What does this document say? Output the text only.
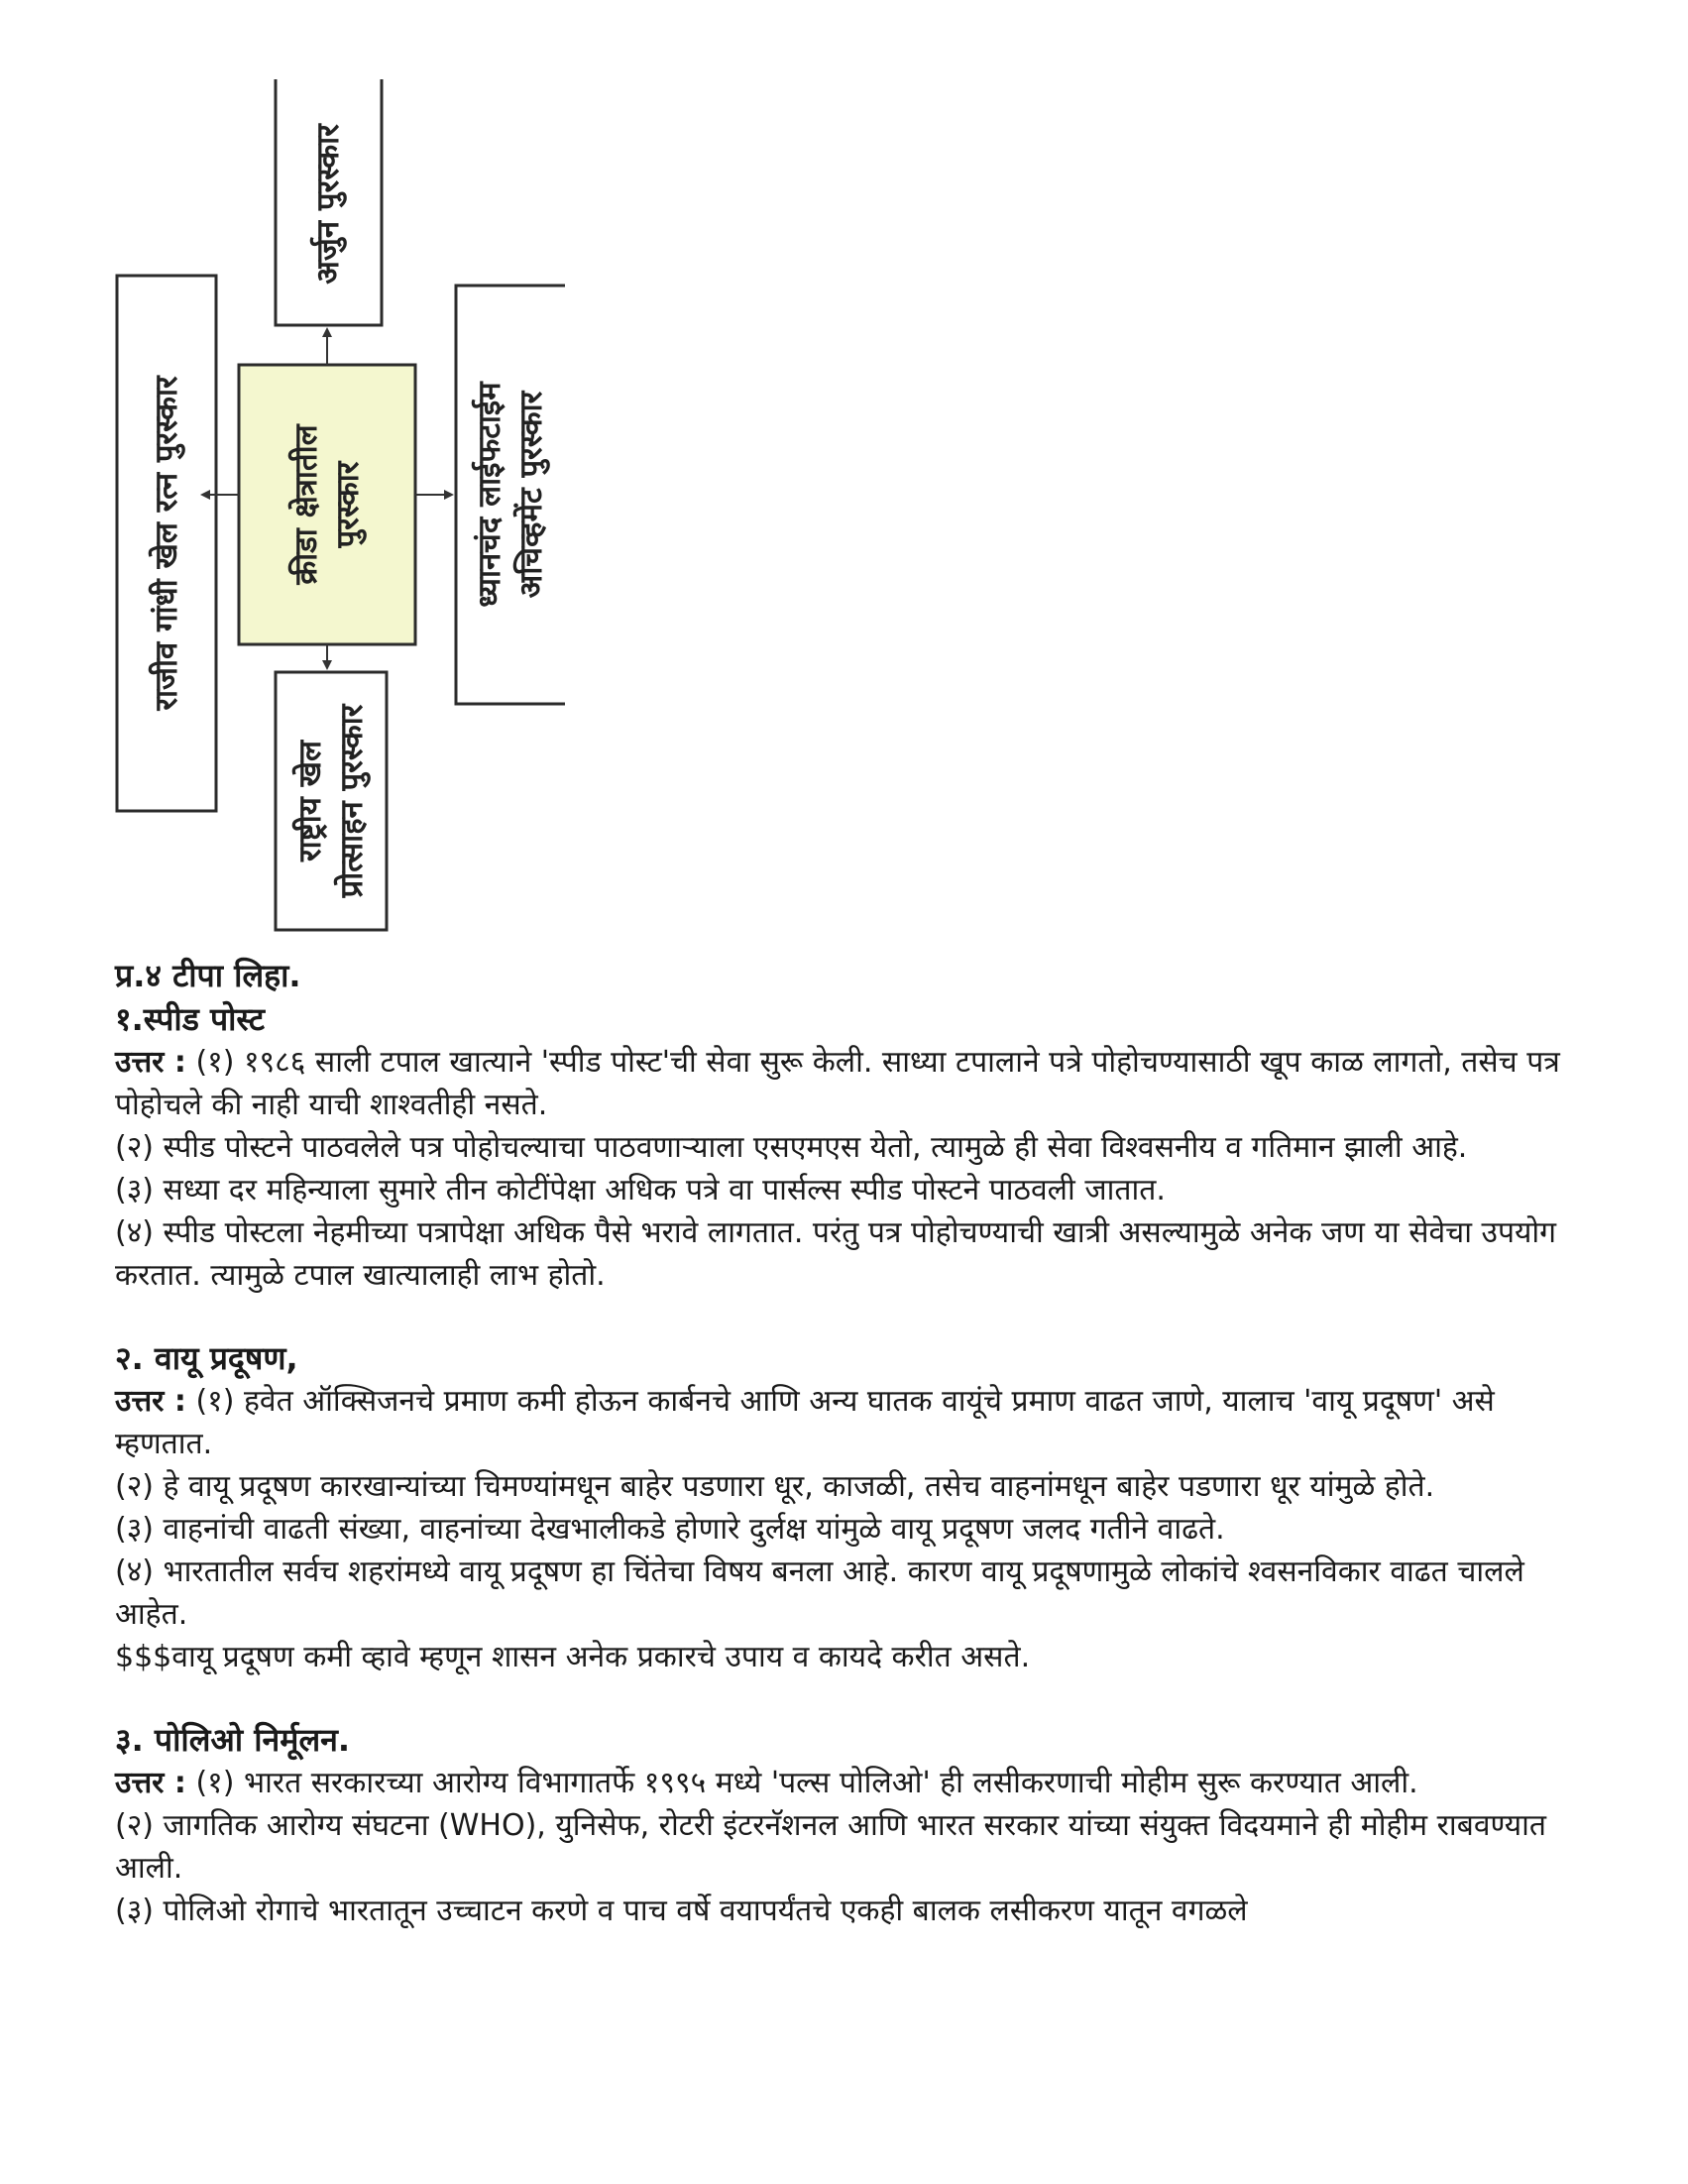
क्रीडा क्षेत्रातील
पुरस्कार
अर्जुन पुरस्कार
राजीव गांधी खेल रत्न पुरस्कार	ध्यानचंद लाईफटाईम
अचिव्हमेंट पुरस्कार
राष्ट्रीय खेल
प्रोत्साहन पुरस्कार
प्र.४ टीपा लिहा.
१.स्पीड पोस्ट

उत्तर : (१) १९८६ साली टपाल खात्याने 'स्पीड पोस्ट'ची सेवा सुरू केली. साध्या टपालाने पत्रे पोहोचण्यासाठी खूप काळ लागतो, तसेच पत्र पोहोचले की नाही याची शाश्वतीही नसते.

(२) स्पीड पोस्टने पाठवलेले पत्र पोहोचल्याचा पाठवणाऱ्याला एसएमएस येतो, त्यामुळे ही सेवा विश्वसनीय व गतिमान झाली आहे.

(३) सध्या दर महिन्याला सुमारे तीन कोटींपेक्षा अधिक पत्रे वा पार्सल्स स्पीड पोस्टने पाठवली जातात.

(४) स्पीड पोस्टला नेहमीच्या पत्रापेक्षा अधिक पैसे भरावे लागतात. परंतु पत्र पोहोचण्याची खात्री असल्यामुळे अनेक जण या सेवेचा उपयोग करतात. त्यामुळे टपाल खात्यालाही लाभ होतो.

२. वायू प्रदूषण,

उत्तर : (१) हवेत ऑक्सिजनचे प्रमाण कमी होऊन कार्बनचे आणि अन्य घातक वायूंचे प्रमाण वाढत जाणे, यालाच 'वायू प्रदूषण' असे म्हणतात.

(२) हे वायू प्रदूषण कारखान्यांच्या चिमण्यांमधून बाहेर पडणारा धूर, काजळी, तसेच वाहनांमधून बाहेर पडणारा धूर यांमुळे होते.

(३) वाहनांची वाढती संख्या, वाहनांच्या देखभालीकडे होणारे दुर्लक्ष यांमुळे वायू प्रदूषण जलद गतीने वाढते.

(४) भारतातील सर्वच शहरांमध्ये वायू प्रदूषण हा चिंतेचा विषय बनला आहे. कारण वायू प्रदूषणामुळे लोकांचे श्वसनविकार वाढत चालले आहेत.

$$$वायू प्रदूषण कमी व्हावे म्हणून शासन अनेक प्रकारचे उपाय व कायदे करीत असते.

३. पोलिओ निर्मूलन.

उत्तर : (१) भारत सरकारच्या आरोग्य विभागातर्फे १९९५ मध्ये 'पल्स पोलिओ' ही लसीकरणाची मोहीम सुरू करण्यात आली.

(२) जागतिक आरोग्य संघटना (WHO), युनिसेफ, रोटरी इंटरनॅशनल आणि भारत सरकार यांच्या संयुक्त विदयमाने ही मोहीम राबवण्यात आली.

(३) पोलिओ रोगाचे भारतातून उच्चाटन करणे व पाच वर्षे वयापर्यंतचे एकही बालक लसीकरण यातून वगळले
